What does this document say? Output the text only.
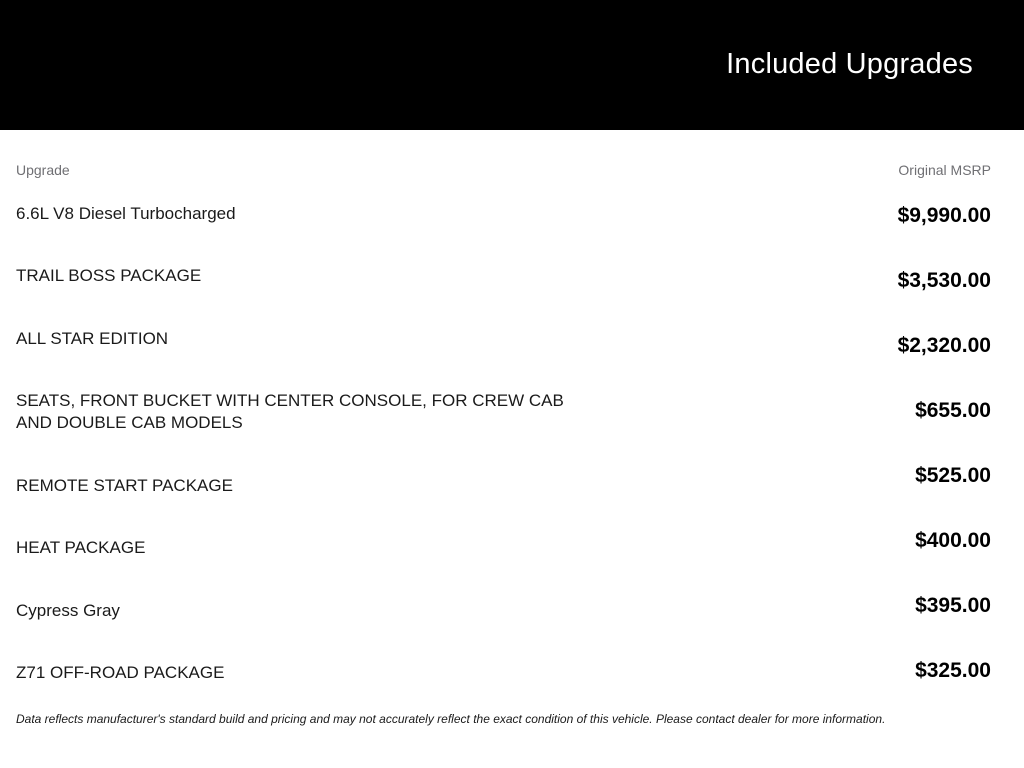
Included Upgrades
Upgrade	Original MSRP
6.6L V8 Diesel Turbocharged
TRAIL BOSS PACKAGE
ALL STAR EDITION
SEATS, FRONT BUCKET WITH CENTER CONSOLE, FOR CREW CAB AND DOUBLE CAB MODELS
REMOTE START PACKAGE
HEAT PACKAGE
Cypress Gray
Z71 OFF-ROAD PACKAGE
$9,990.00
$3,530.00
$2,320.00
$655.00
$525.00
$400.00
$395.00
$325.00

Data reflects manufacturer's standard build and pricing and may not accurately reflect the exact condition of this vehicle. Please contact dealer for more information.
